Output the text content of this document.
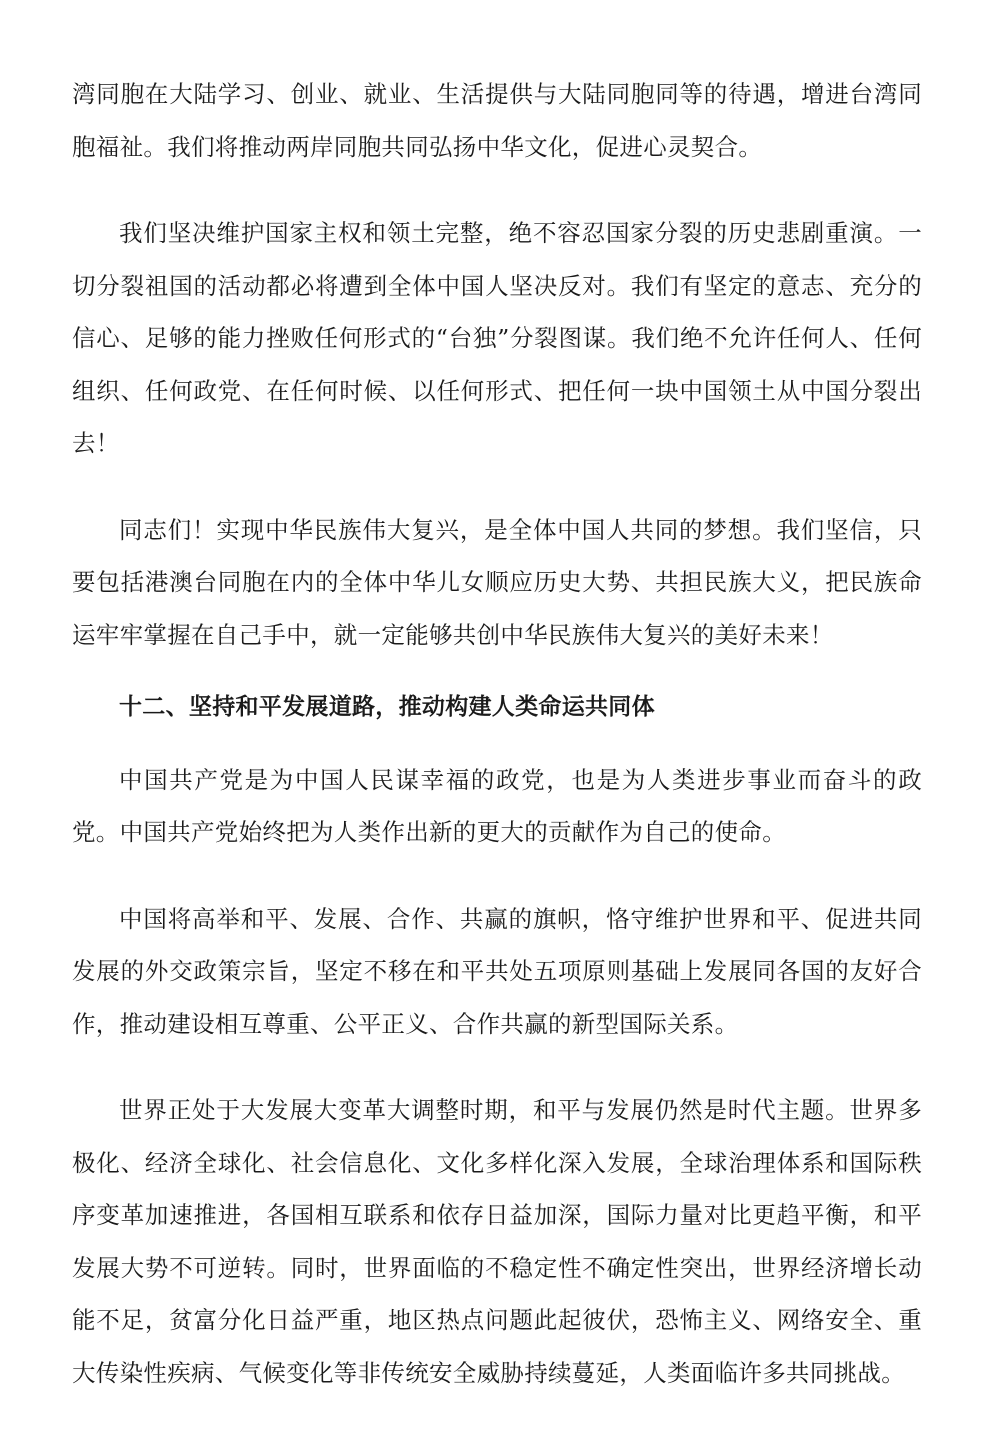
湾同胞在大陆学习、创业、就业、生活提供与大陆同胞同等的待遇，增进台湾同胞福祉。我们将推动两岸同胞共同弘扬中华文化，促进心灵契合。

我们坚决维护国家主权和领土完整，绝不容忍国家分裂的历史悲剧重演。一切分裂祖国的活动都必将遭到全体中国人坚决反对。我们有坚定的意志、充分的信心、足够的能力挫败任何形式的“台独”分裂图谋。我们绝不允许任何人、任何组织、任何政党、在任何时候、以任何形式、把任何一块中国领土从中国分裂出去！

同志们！实现中华民族伟大复兴，是全体中国人共同的梦想。我们坚信，只要包括港澳台同胞在内的全体中华儿女顺应历史大势、共担民族大义，把民族命运牢牢掌握在自己手中，就一定能够共创中华民族伟大复兴的美好未来！

十二、坚持和平发展道路，推动构建人类命运共同体

中国共产党是为中国人民谋幸福的政党，也是为人类进步事业而奋斗的政党。中国共产党始终把为人类作出新的更大的贡献作为自己的使命。

中国将高举和平、发展、合作、共赢的旗帜，恪守维护世界和平、促进共同发展的外交政策宗旨，坚定不移在和平共处五项原则基础上发展同各国的友好合作，推动建设相互尊重、公平正义、合作共赢的新型国际关系。

世界正处于大发展大变革大调整时期，和平与发展仍然是时代主题。世界多极化、经济全球化、社会信息化、文化多样化深入发展，全球治理体系和国际秩序变革加速推进，各国相互联系和依存日益加深，国际力量对比更趋平衡，和平发展大势不可逆转。同时，世界面临的不稳定性不确定性突出，世界经济增长动能不足，贫富分化日益严重，地区热点问题此起彼伏，恐怖主义、网络安全、重大传染性疾病、气候变化等非传统安全威胁持续蔓延，人类面临许多共同挑战。
